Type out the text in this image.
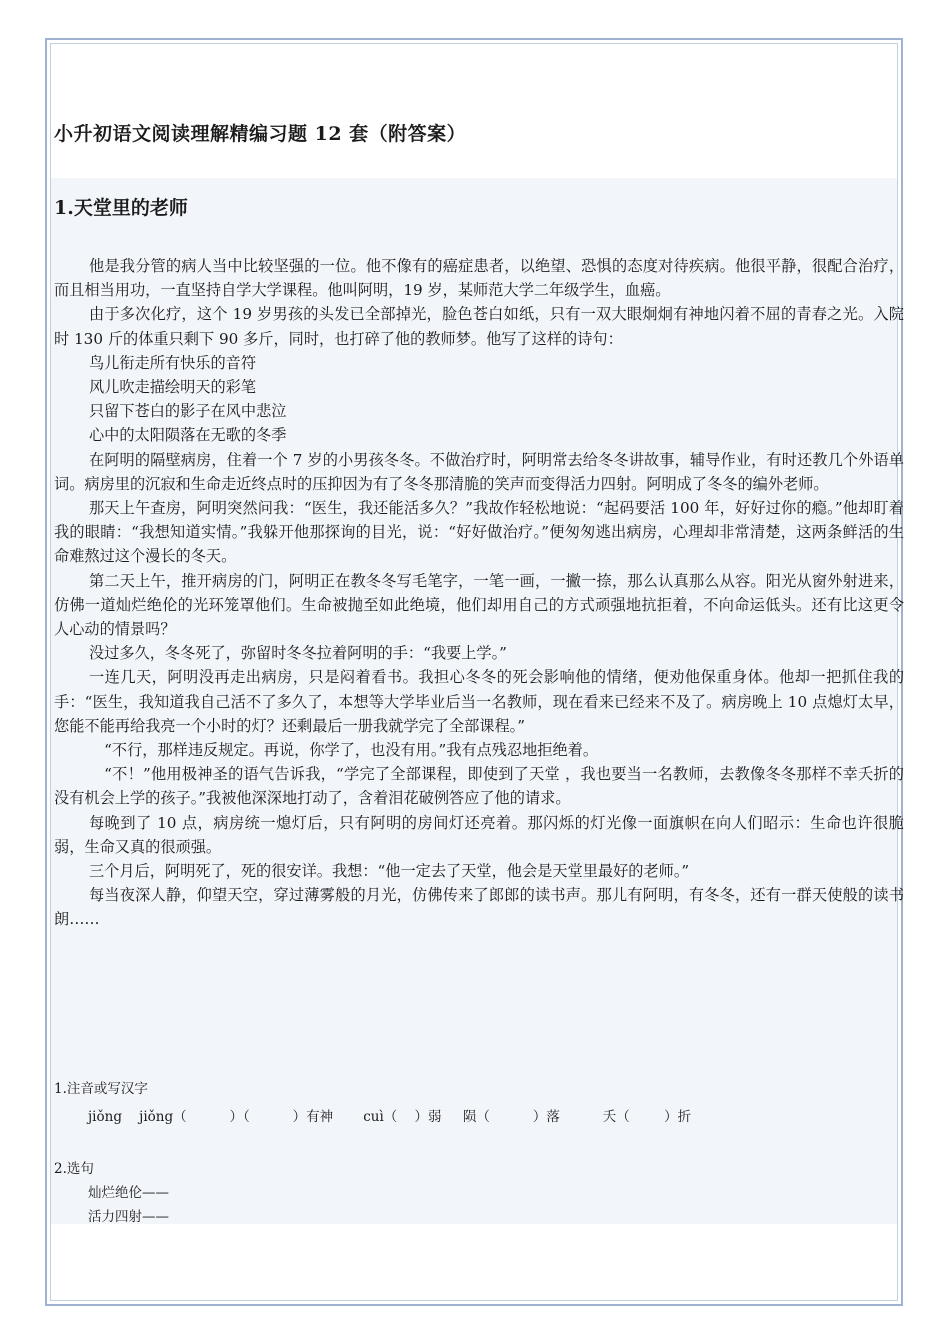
小升初语文阅读理解精编习题 12 套（附答案）
1.天堂里的老师

他是我分管的病人当中比较坚强的一位。他不像有的癌症患者，以绝望、恐惧的态度对待疾病。他很平静，很配合治疗，而且相当用功，一直坚持自学大学课程。他叫阿明，19 岁，某师范大学二年级学生，血癌。

由于多次化疗，这个 19 岁男孩的头发已全部掉光，脸色苍白如纸，只有一双大眼炯炯有神地闪着不屈的青春之光。入院时 130 斤的体重只剩下 90 多斤，同时，也打碎了他的教师梦。他写了这样的诗句：

鸟儿衔走所有快乐的音符

风儿吹走描绘明天的彩笔

只留下苍白的影子在风中悲泣

心中的太阳陨落在无歌的冬季

在阿明的隔壁病房，住着一个 7 岁的小男孩冬冬。不做治疗时，阿明常去给冬冬讲故事，辅导作业，有时还教几个外语单词。病房里的沉寂和生命走近终点时的压抑因为有了冬冬那清脆的笑声而变得活力四射。阿明成了冬冬的编外老师。

那天上午查房，阿明突然问我：“医生，我还能活多久？”我故作轻松地说：“起码要活 100 年，好好过你的瘾。”他却盯着我的眼睛：“我想知道实情。”我躲开他那探询的目光，说：“好好做治疗。”便匆匆逃出病房，心理却非常清楚，这两条鲜活的生命难熬过这个漫长的冬天。

第二天上午，推开病房的门，阿明正在教冬冬写毛笔字，一笔一画，一撇一捺，那么认真那么从容。阳光从窗外射进来，仿佛一道灿烂绝伦的光环笼罩他们。生命被抛至如此绝境，他们却用自己的方式顽强地抗拒着，不向命运低头。还有比这更令人心动的情景吗？

没过多久，冬冬死了，弥留时冬冬拉着阿明的手：“我要上学。”

一连几天，阿明没再走出病房，只是闷着看书。我担心冬冬的死会影响他的情绪，便劝他保重身体。他却一把抓住我的手：“医生，我知道我自己活不了多久了，本想等大学毕业后当一名教师，现在看来已经来不及了。病房晚上 10 点熄灯太早，您能不能再给我亮一个小时的灯？还剩最后一册我就学完了全部课程。”

“不行，那样违反规定。再说，你学了，也没有用。”我有点残忍地拒绝着。

“不！”他用极神圣的语气告诉我，“学完了全部课程，即使到了天堂 ，我也要当一名教师，去教像冬冬那样不幸夭折的没有机会上学的孩子。”我被他深深地打动了，含着泪花破例答应了他的请求。

每晚到了 10 点，病房统一熄灯后，只有阿明的房间灯还亮着。那闪烁的灯光像一面旗帜在向人们昭示：生命也许很脆弱，生命又真的很顽强。

三个月后，阿明死了，死的很安详。我想：“他一定去了天堂，他会是天堂里最好的老师。”

每当夜深人静，仰望天空，穿过薄雾般的月光，仿佛传来了郎郎的读书声。那儿有阿明，有冬冬，还有一群天使般的读书朗……

1.注音或写汉字

jiǒng    jiǒng（          ）（          ）有神       cuì（    ）弱     陨（          ）落          夭（        ）折

2.选句

灿烂绝伦——
活力四射——
